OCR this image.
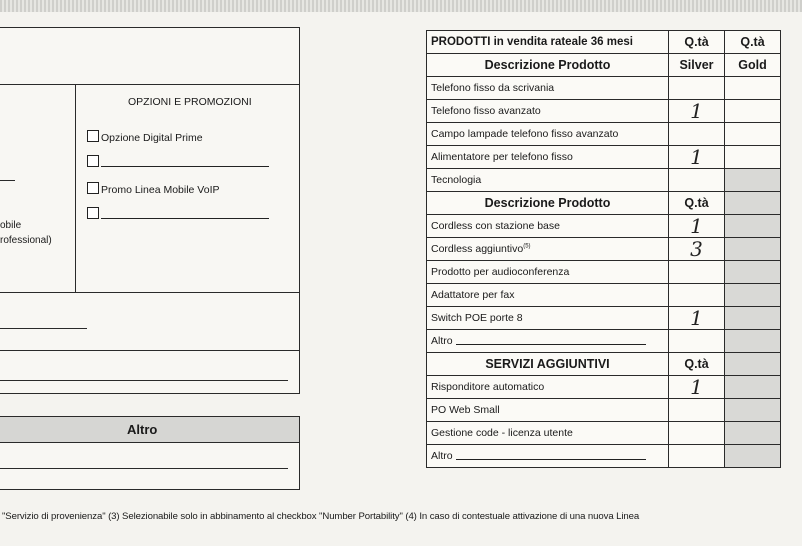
OPZIONI E PROMOZIONI
Opzione Digital Prime
Promo Linea Mobile VoIP
obile
rofessional)
Altro
PRODOTTI in vendita rateale 36 mesi	Q.tà	Q.tà
Descrizione Prodotto	Silver	Gold
Telefono fisso da scrivania		
Telefono fisso avanzato	1	
Campo lampade telefono fisso avanzato		
Alimentatore per telefono fisso	1	
Tecnologia		
Descrizione Prodotto	Q.tà	
Cordless con stazione base	1	
Cordless aggiuntivo$^{(5)}$	3	
Prodotto per audioconferenza		
Adattatore per fax		
Switch POE porte 8	1	
Altro		
SERVIZI AGGIUNTIVI	Q.tà	
Risponditore automatico	1	
PO Web Small		
Gestione code - licenza utente		
Altro		
"Servizio di provenienza" (3) Selezionabile solo in abbinamento al checkbox "Number Portability" (4) In caso di contestuale attivazione di una nuova Linea
